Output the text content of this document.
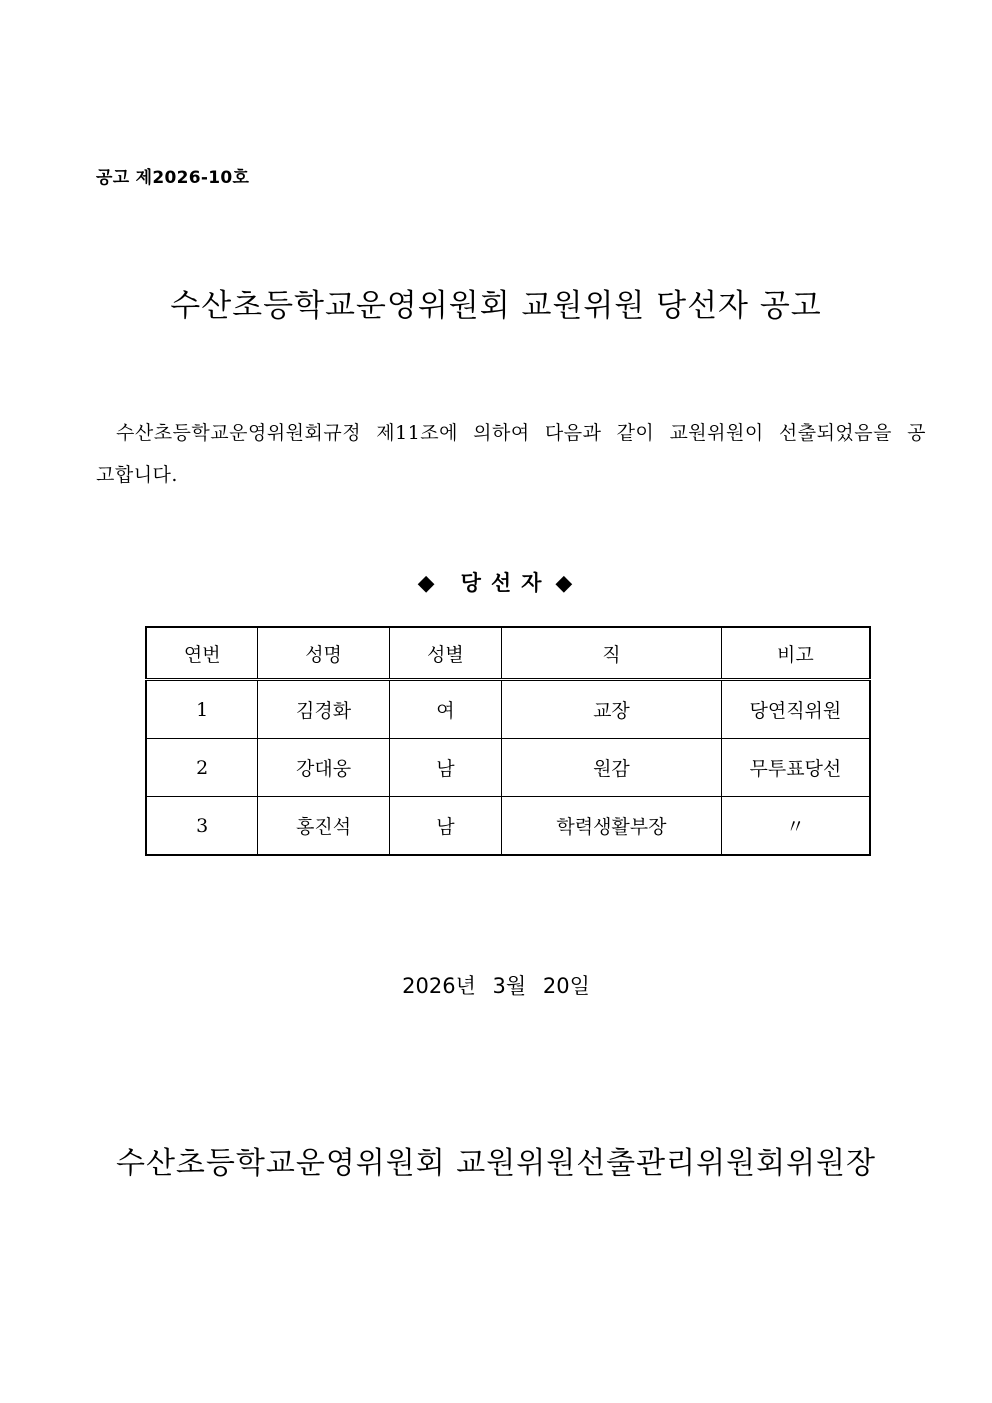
공고 제2026-10호
수산초등학교운영위원회 교원위원 당선자 공고
수산초등학교운영위원회규정 제11조에 의하여 다음과 같이 교원위원이 선출되었음을 공고합니다.
◆ 당선자 ◆
연번	성명	성별	직	비고
1	김경화	여	교장	당연직위원
2	강대웅	남	원감	무투표당선
3	홍진석	남	학력생활부장	〃
2026년 3월 20일
수산초등학교운영위원회 교원위원선출관리위원회위원장
